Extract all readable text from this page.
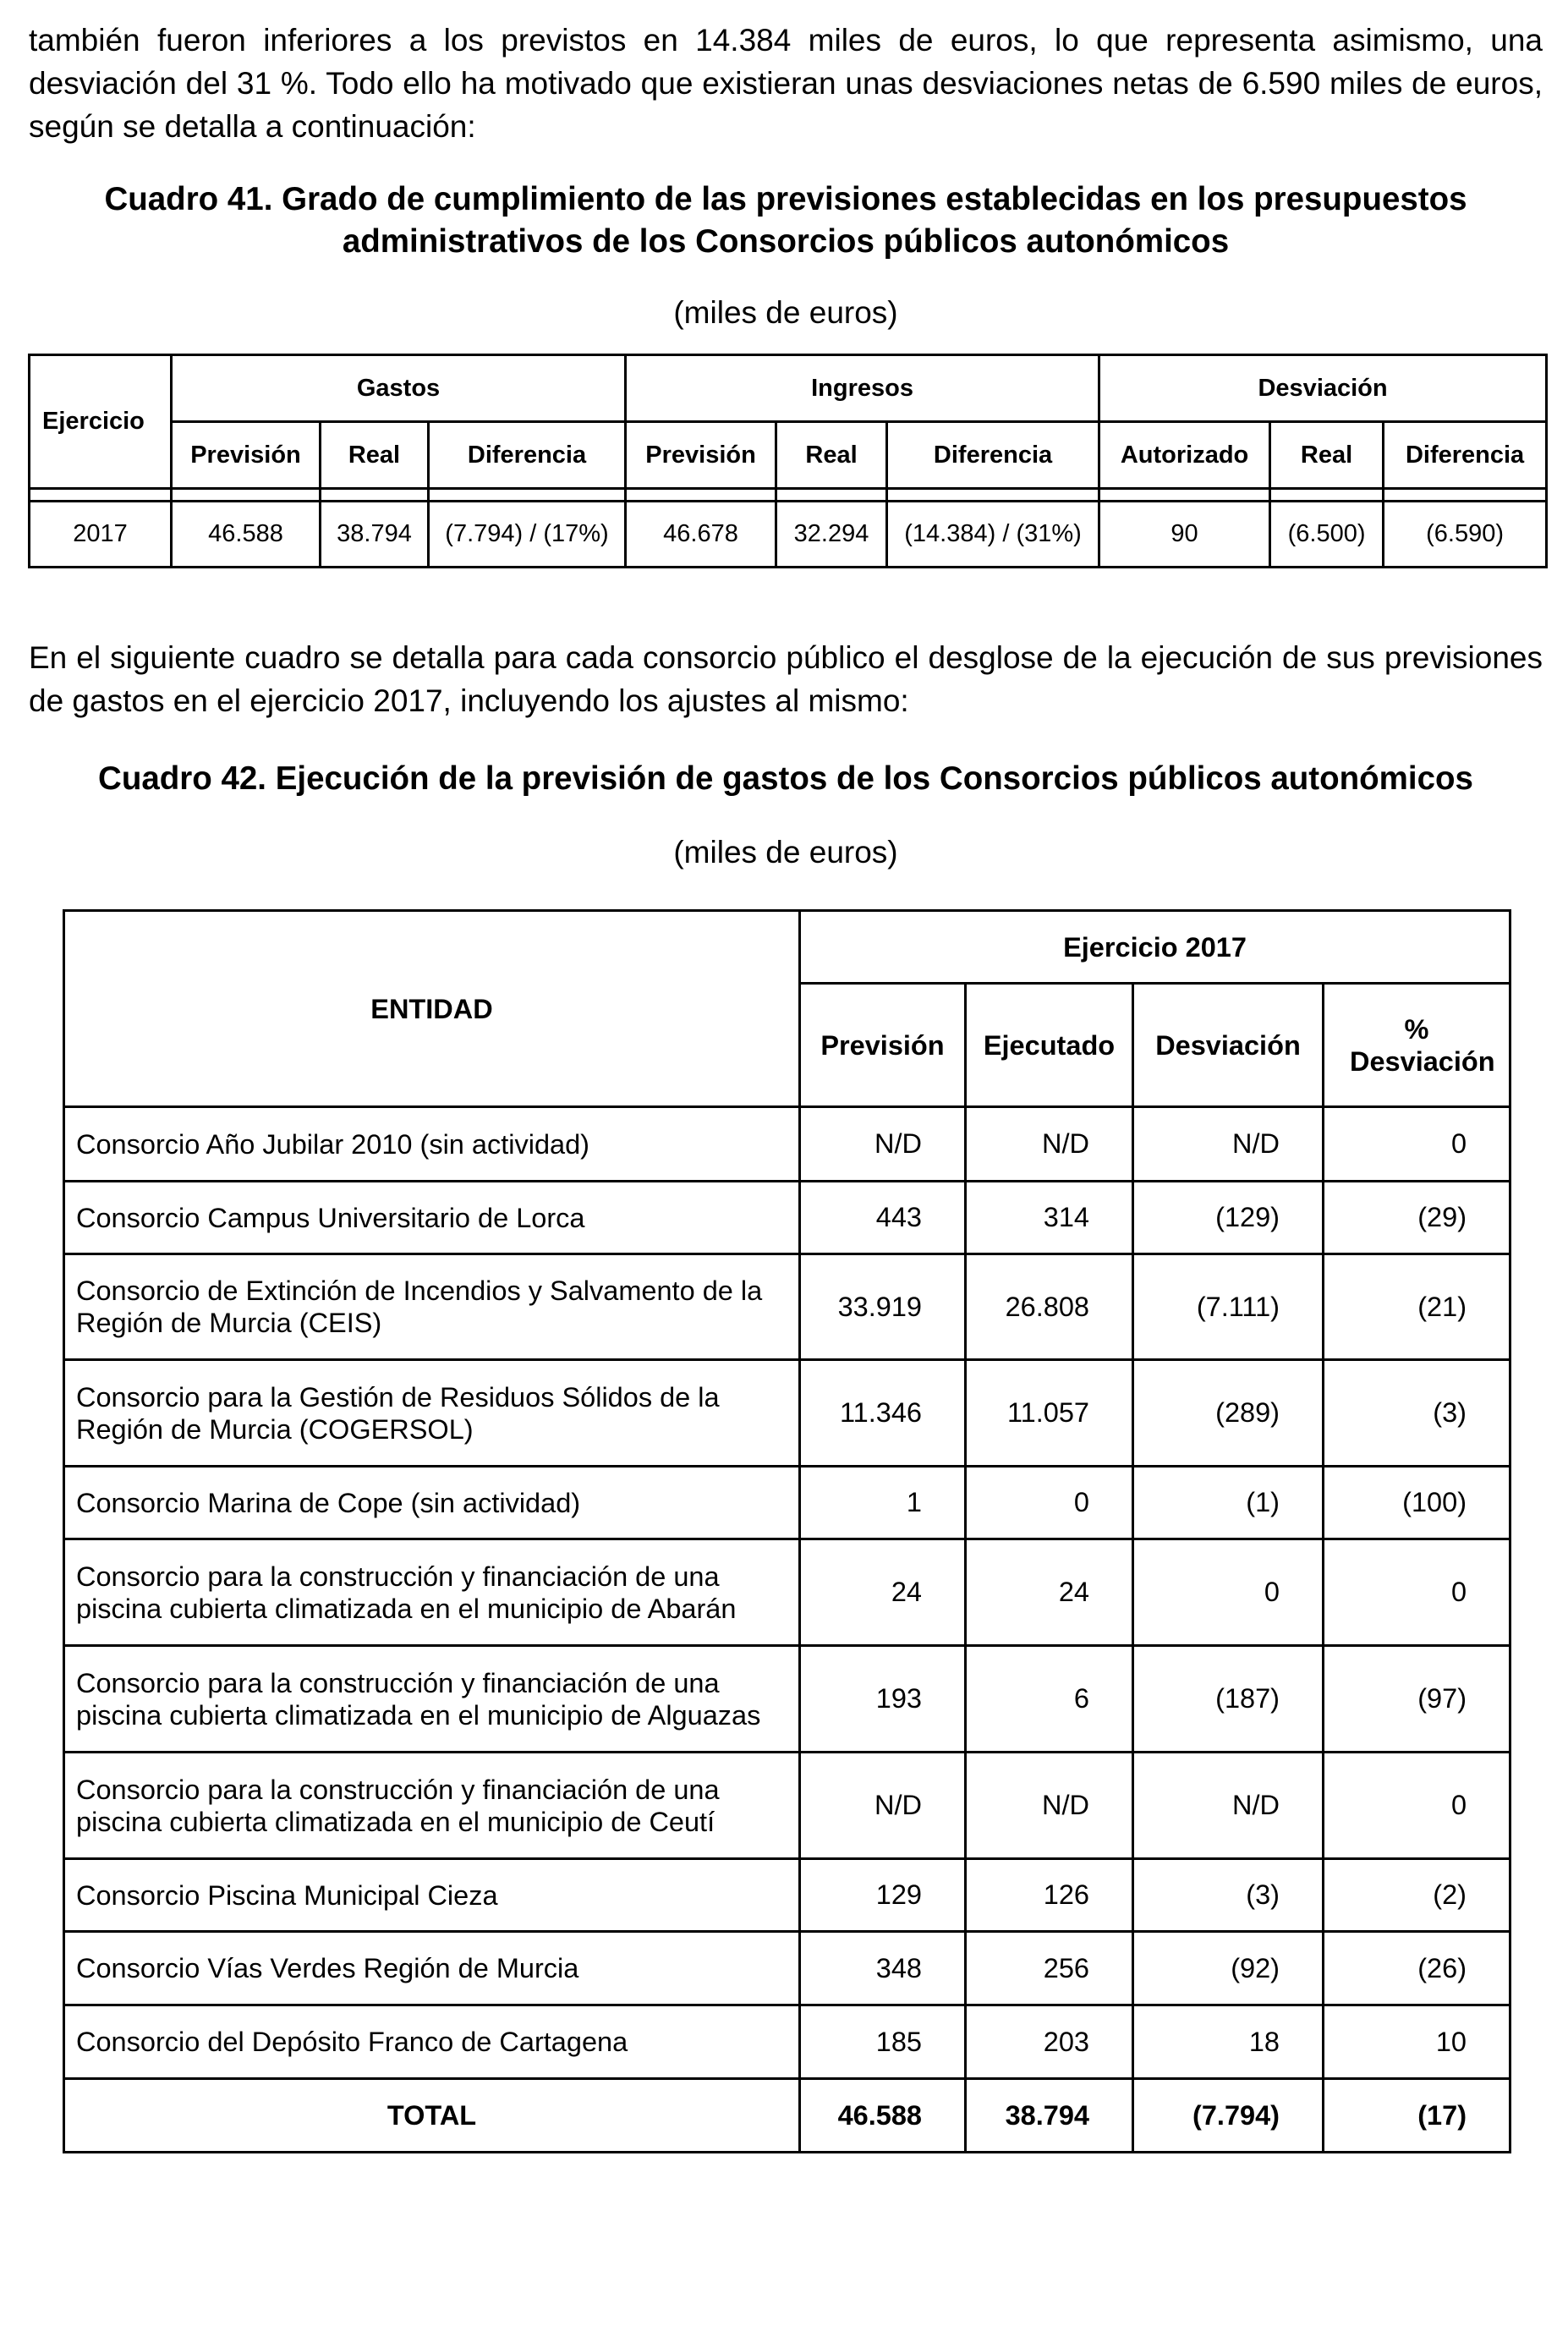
también fueron inferiores a los previstos en 14.384 miles de euros, lo que representa asimismo, una desviación del 31 %. Todo ello ha motivado que existieran unas desviaciones netas de 6.590 miles de euros, según se detalla a continuación:
Cuadro 41. Grado de cumplimiento de las previsiones establecidas en los presupuestos administrativos de los Consorcios públicos autonómicos
(miles de euros)
Ejercicio	Gastos			Ingresos			Desviación		
	Previsión	Real	Diferencia	Previsión	Real	Diferencia	Autorizado	Real	Diferencia

2017	46.588	38.794	(7.794) / (17%)	46.678	32.294	(14.384) / (31%)	90	(6.500)	(6.590)
En el siguiente cuadro se detalla para cada consorcio público el desglose de la ejecución de sus previsiones de gastos en el ejercicio 2017, incluyendo los ajustes al mismo:
Cuadro 42. Ejecución de la previsión de gastos de los Consorcios públicos autonómicos
(miles de euros)
ENTIDAD	Ejercicio 2017			
	Previsión	Ejecutado	Desviación	% Desviación
Consorcio Año Jubilar 2010 (sin actividad)	N/D	N/D	N/D	0
Consorcio Campus Universitario de Lorca	443	314	(129)	(29)
Consorcio de Extinción de Incendios y Salvamento de la Región de Murcia (CEIS)	33.919	26.808	(7.111)	(21)
Consorcio para la Gestión de Residuos Sólidos de la Región de Murcia (COGERSOL)	11.346	11.057	(289)	(3)
Consorcio Marina de Cope (sin actividad)	1	0	(1)	(100)
Consorcio para la construcción y financiación de una piscina cubierta climatizada en el municipio de Abarán	24	24	0	0
Consorcio para la construcción y financiación de una piscina cubierta climatizada en el municipio de Alguazas	193	6	(187)	(97)
Consorcio para la construcción y financiación de una piscina cubierta climatizada en el municipio de Ceutí	N/D	N/D	N/D	0
Consorcio Piscina Municipal Cieza	129	126	(3)	(2)
Consorcio Vías Verdes Región de Murcia	348	256	(92)	(26)
Consorcio del Depósito Franco de Cartagena	185	203	18	10
TOTAL	46.588	38.794	(7.794)	(17)
